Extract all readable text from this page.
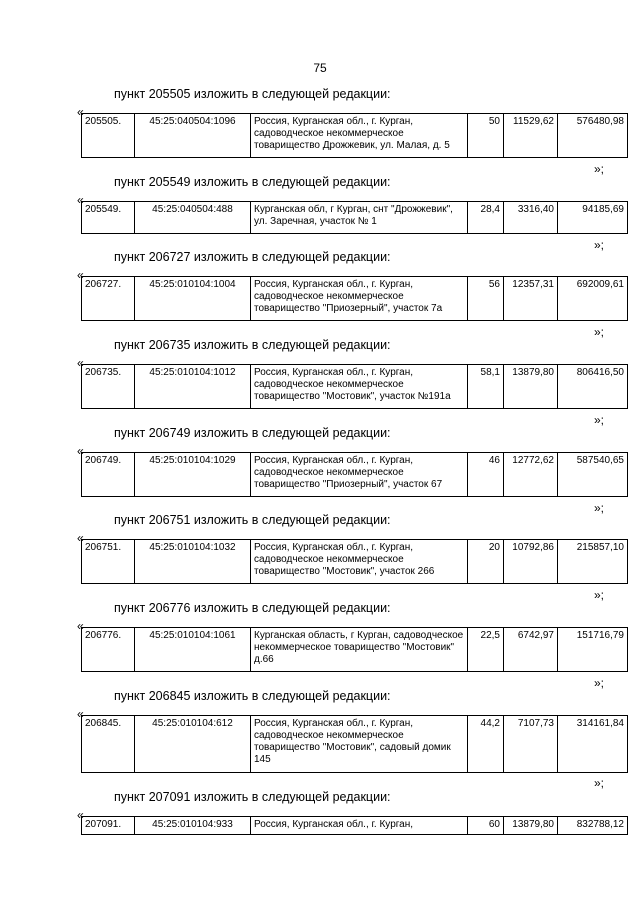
75
пункт 205505 изложить в следующей редакции:
«
205505.	45:25:040504:1096	Россия, Курганская обл., г. Курган, садоводческое некоммерческое товарищество Дрожжевик, ул. Малая, д. 5	50	11529,62	576480,98
»;
пункт 205549 изложить в следующей редакции:
«
205549.	45:25:040504:488	Курганская обл, г Курган, снт "Дрожжевик", ул. Заречная, участок № 1	28,4	3316,40	94185,69
»;
пункт 206727 изложить в следующей редакции:
«
206727.	45:25:010104:1004	Россия, Курганская обл., г. Курган, садоводческое некоммерческое товарищество "Приозерный", участок 7а	56	12357,31	692009,61
»;
пункт 206735 изложить в следующей редакции:
«
206735.	45:25:010104:1012	Россия, Курганская обл., г. Курган, садоводческое некоммерческое товарищество "Мостовик", участок №191а	58,1	13879,80	806416,50
»;
пункт 206749 изложить в следующей редакции:
«
206749.	45:25:010104:1029	Россия, Курганская обл., г. Курган, садоводческое некоммерческое товарищество "Приозерный", участок 67	46	12772,62	587540,65
»;
пункт 206751 изложить в следующей редакции:
«
206751.	45:25:010104:1032	Россия, Курганская обл., г. Курган, садоводческое некоммерческое товарищество "Мостовик", участок 266	20	10792,86	215857,10
»;
пункт 206776 изложить в следующей редакции:
«
206776.	45:25:010104:1061	Курганская область, г Курган, садоводческое некоммерческое товарищество "Мостовик" д.66	22,5	6742,97	151716,79
»;
пункт 206845 изложить в следующей редакции:
«
206845.	45:25:010104:612	Россия, Курганская обл., г. Курган, садоводческое некоммерческое товарищество "Мостовик", садовый домик 145	44,2	7107,73	314161,84
»;
пункт 207091 изложить в следующей редакции:
«
207091.	45:25:010104:933	Россия, Курганская обл., г. Курган,	60	13879,80	832788,12
